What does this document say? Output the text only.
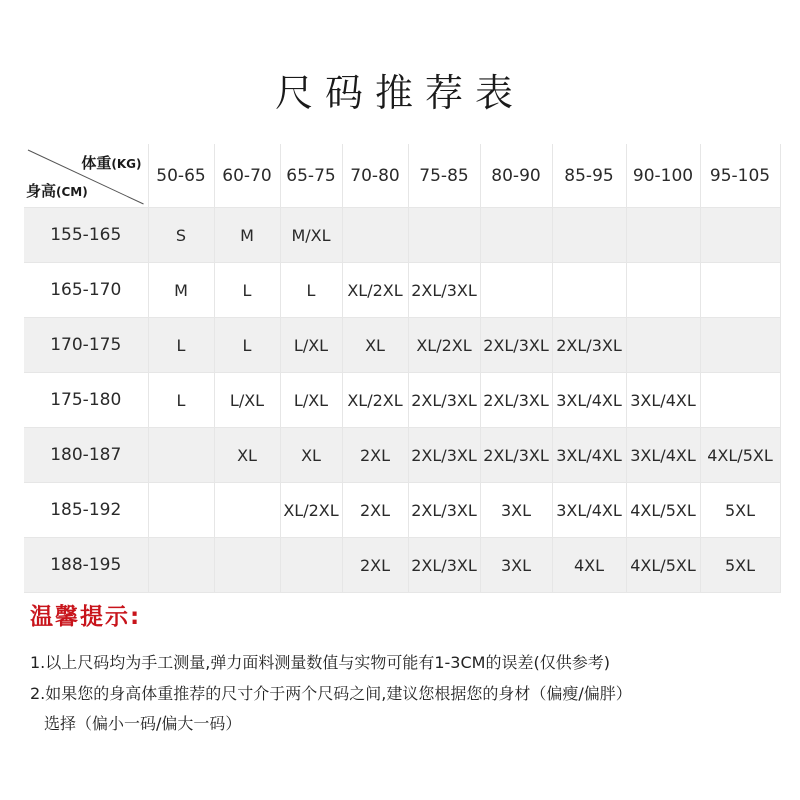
尺码推荐表
体重(KG)
身高(CM)	50-65	60-70	65-75	70-80	75-85	80-90	85-95	90-100	95-105
155-165	S	M	M/XL						
165-170	M	L	L	XL/2XL	2XL/3XL				
170-175	L	L	L/XL	XL	XL/2XL	2XL/3XL	2XL/3XL		
175-180	L	L/XL	L/XL	XL/2XL	2XL/3XL	2XL/3XL	3XL/4XL	3XL/4XL	
180-187		XL	XL	2XL	2XL/3XL	2XL/3XL	3XL/4XL	3XL/4XL	4XL/5XL
185-192			XL/2XL	2XL	2XL/3XL	3XL	3XL/4XL	4XL/5XL	5XL
188-195				2XL	2XL/3XL	3XL	4XL	4XL/5XL	5XL
温馨提示:
1.以上尺码均为手工测量,弹力面料测量数值与实物可能有1-3CM的误差(仅供参考)
2.如果您的身高体重推荐的尺寸介于两个尺码之间,建议您根据您的身材（偏瘦/偏胖）
选择（偏小一码/偏大一码）
